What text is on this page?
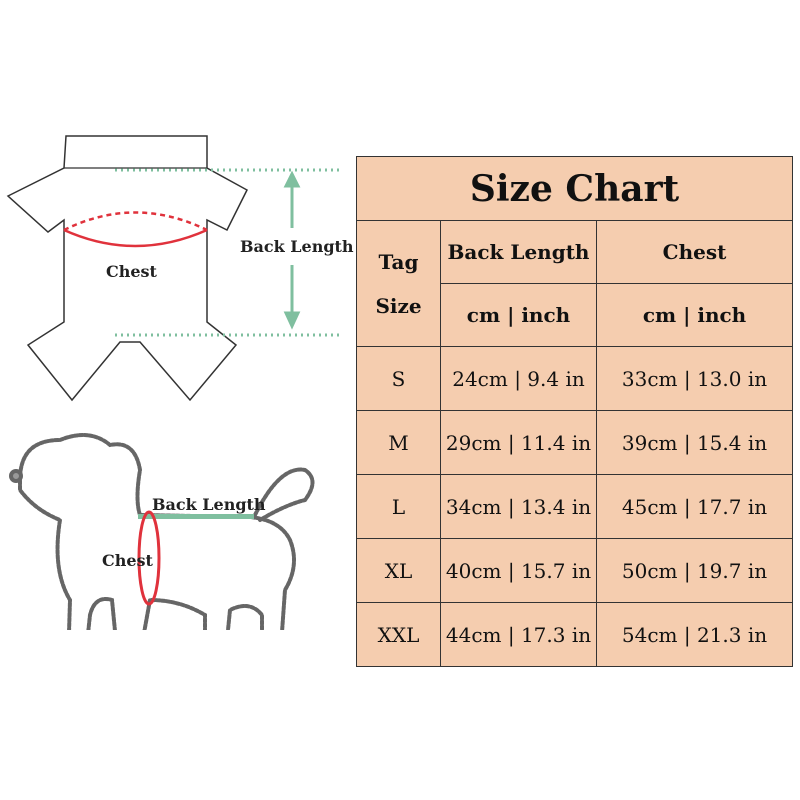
Back Length
Chest
Back Length
Chest
Size Chart		

Tag
Size	Back Length	Chest
	cm | inch	cm | inch
S	24cm | 9.4 in	33cm | 13.0 in
M	29cm | 11.4 in	39cm | 15.4 in
L	34cm | 13.4 in	45cm | 17.7 in
XL	40cm | 15.7 in	50cm | 19.7 in
XXL	44cm | 17.3 in	54cm | 21.3 in
